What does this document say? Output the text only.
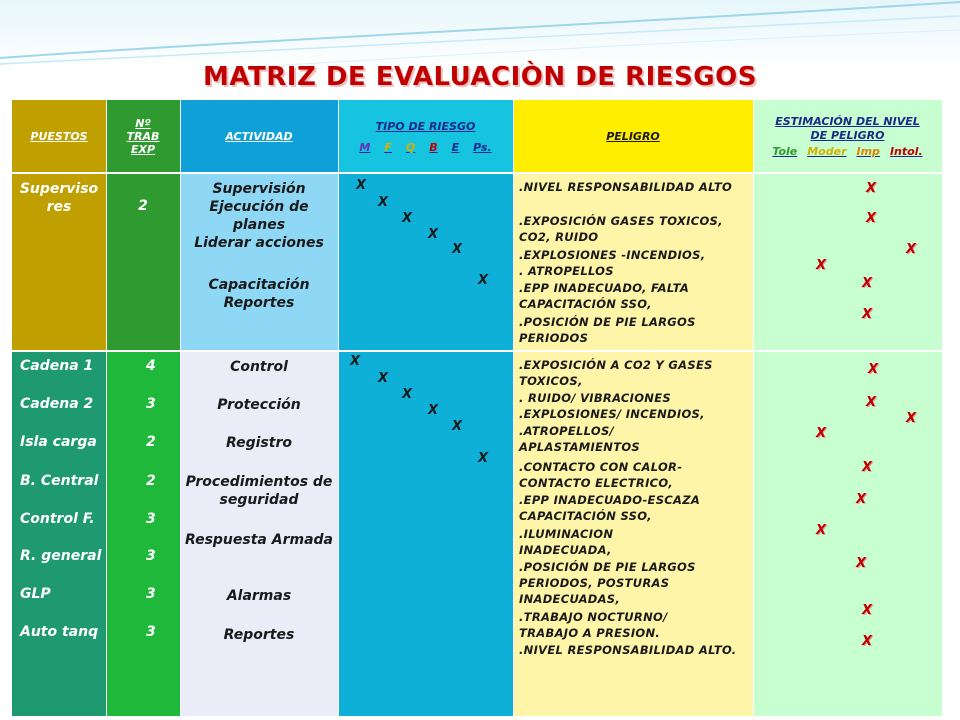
MATRIZ DE EVALUACIÒN DE RIESGOS
PUESTOS
Nº TRAB EXP
ACTIVIDAD
TIPO DE RIESGO
M F Q B E Ps.
PELIGRO
ESTIMACIÓN DEL NIVEL DE PELIGRO
Tole Moder Imp Intol.
Superviso res	2
Supervisión
Ejecución de planes
Liderar acciones
Capacitación
Reportes
X
X
X
X
X
X
.NIVEL RESPONSABILIDAD ALTO
.EXPOSICIÓN GASES TOXICOS, CO2, RUIDO
.EXPLOSIONES -INCENDIOS,
. ATROPELLOS
.EPP INADECUADO, FALTA CAPACITACIÓN SSO,
.POSICIÓN DE PIE LARGOS PERIODOS
X
X
X
X
X
X
Cadena 1
Cadena 2
Isla carga
B. Central
Control F.
R. general
GLP
Auto tanq
4
3
2
2
3
3
3
3
Control
Protección
Registro
Procedimientos de seguridad
Respuesta Armada
Alarmas
Reportes
X
X
X
X
X
X
.EXPOSICIÓN A CO2 Y GASES TOXICOS,
. RUIDO/ VIBRACIONES
.EXPLOSIONES/ INCENDIOS,
.ATROPELLOS/ APLASTAMIENTOS
.CONTACTO CON CALOR- CONTACTO ELECTRICO,
.EPP INADECUADO-ESCAZA CAPACITACIÓN SSO,
.ILUMINACION INADECUADA,
.POSICIÓN DE PIE LARGOS PERIODOS, POSTURAS INADECUADAS,
.TRABAJO NOCTURNO/ TRABAJO A PRESION.
.NIVEL RESPONSABILIDAD ALTO.
X
X
X
X
X
X
X
X
X
X
